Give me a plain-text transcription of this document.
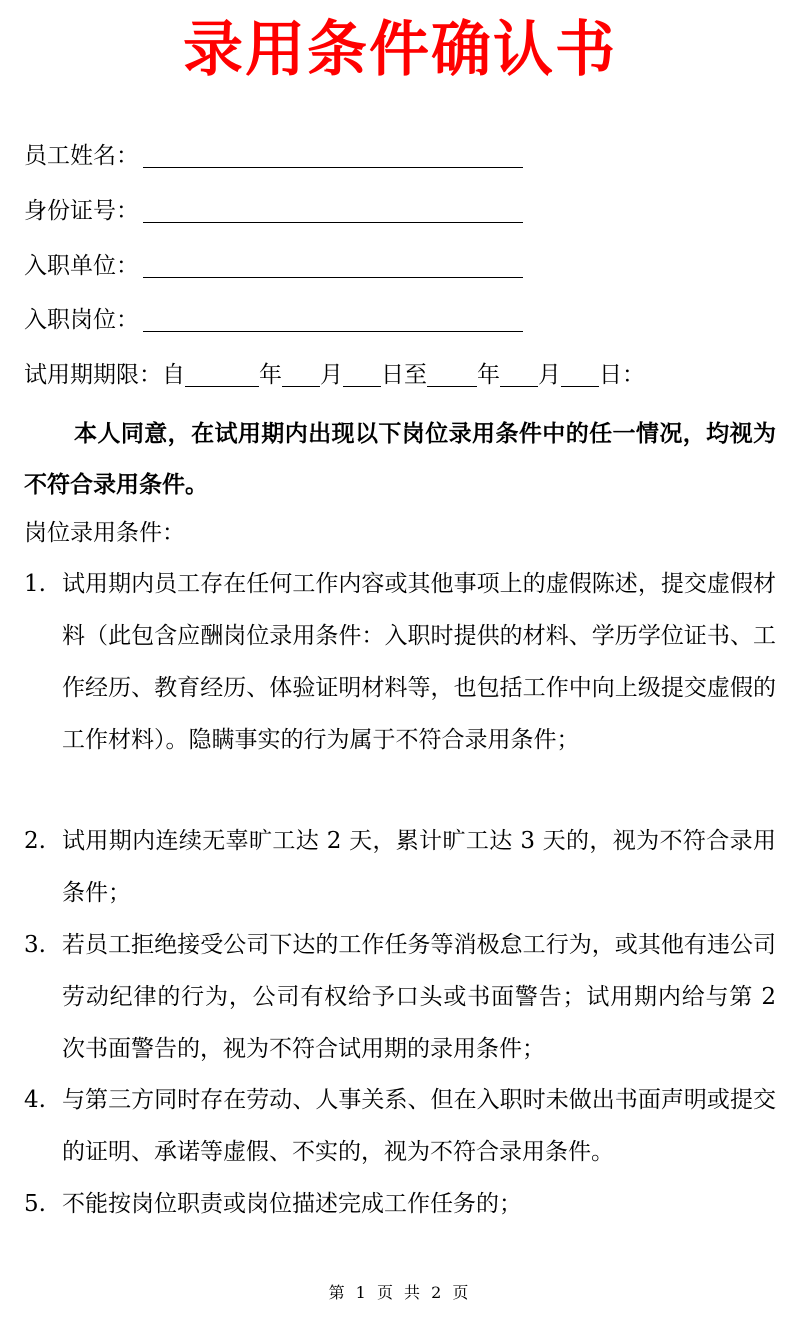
录用条件确认书
员工姓名：
身份证号：
入职单位：
入职岗位：
试用期期限：自	年 月 日至 年 月 日：
本人同意，在试用期内出现以下岗位录用条件中的任一情况，均视为不符合录用条件。
岗位录用条件：
1. 试用期内员工存在任何工作内容或其他事项上的虚假陈述，提交虚假材料（此包含应酬岗位录用条件：入职时提供的材料、学历学位证书、工作经历、教育经历、体验证明材料等，也包括工作中向上级提交虚假的工作材料）。隐瞒事实的行为属于不符合录用条件；
2. 试用期内连续无辜旷工达 2 天，累计旷工达 3 天的，视为不符合录用条件；
3. 若员工拒绝接受公司下达的工作任务等消极怠工行为，或其他有违公司劳动纪律的行为，公司有权给予口头或书面警告；试用期内给与第 2 次书面警告的，视为不符合试用期的录用条件；
4. 与第三方同时存在劳动、人事关系、但在入职时未做出书面声明或提交的证明、承诺等虚假、不实的，视为不符合录用条件。
5. 不能按岗位职责或岗位描述完成工作任务的；
第 1 页 共 2 页
